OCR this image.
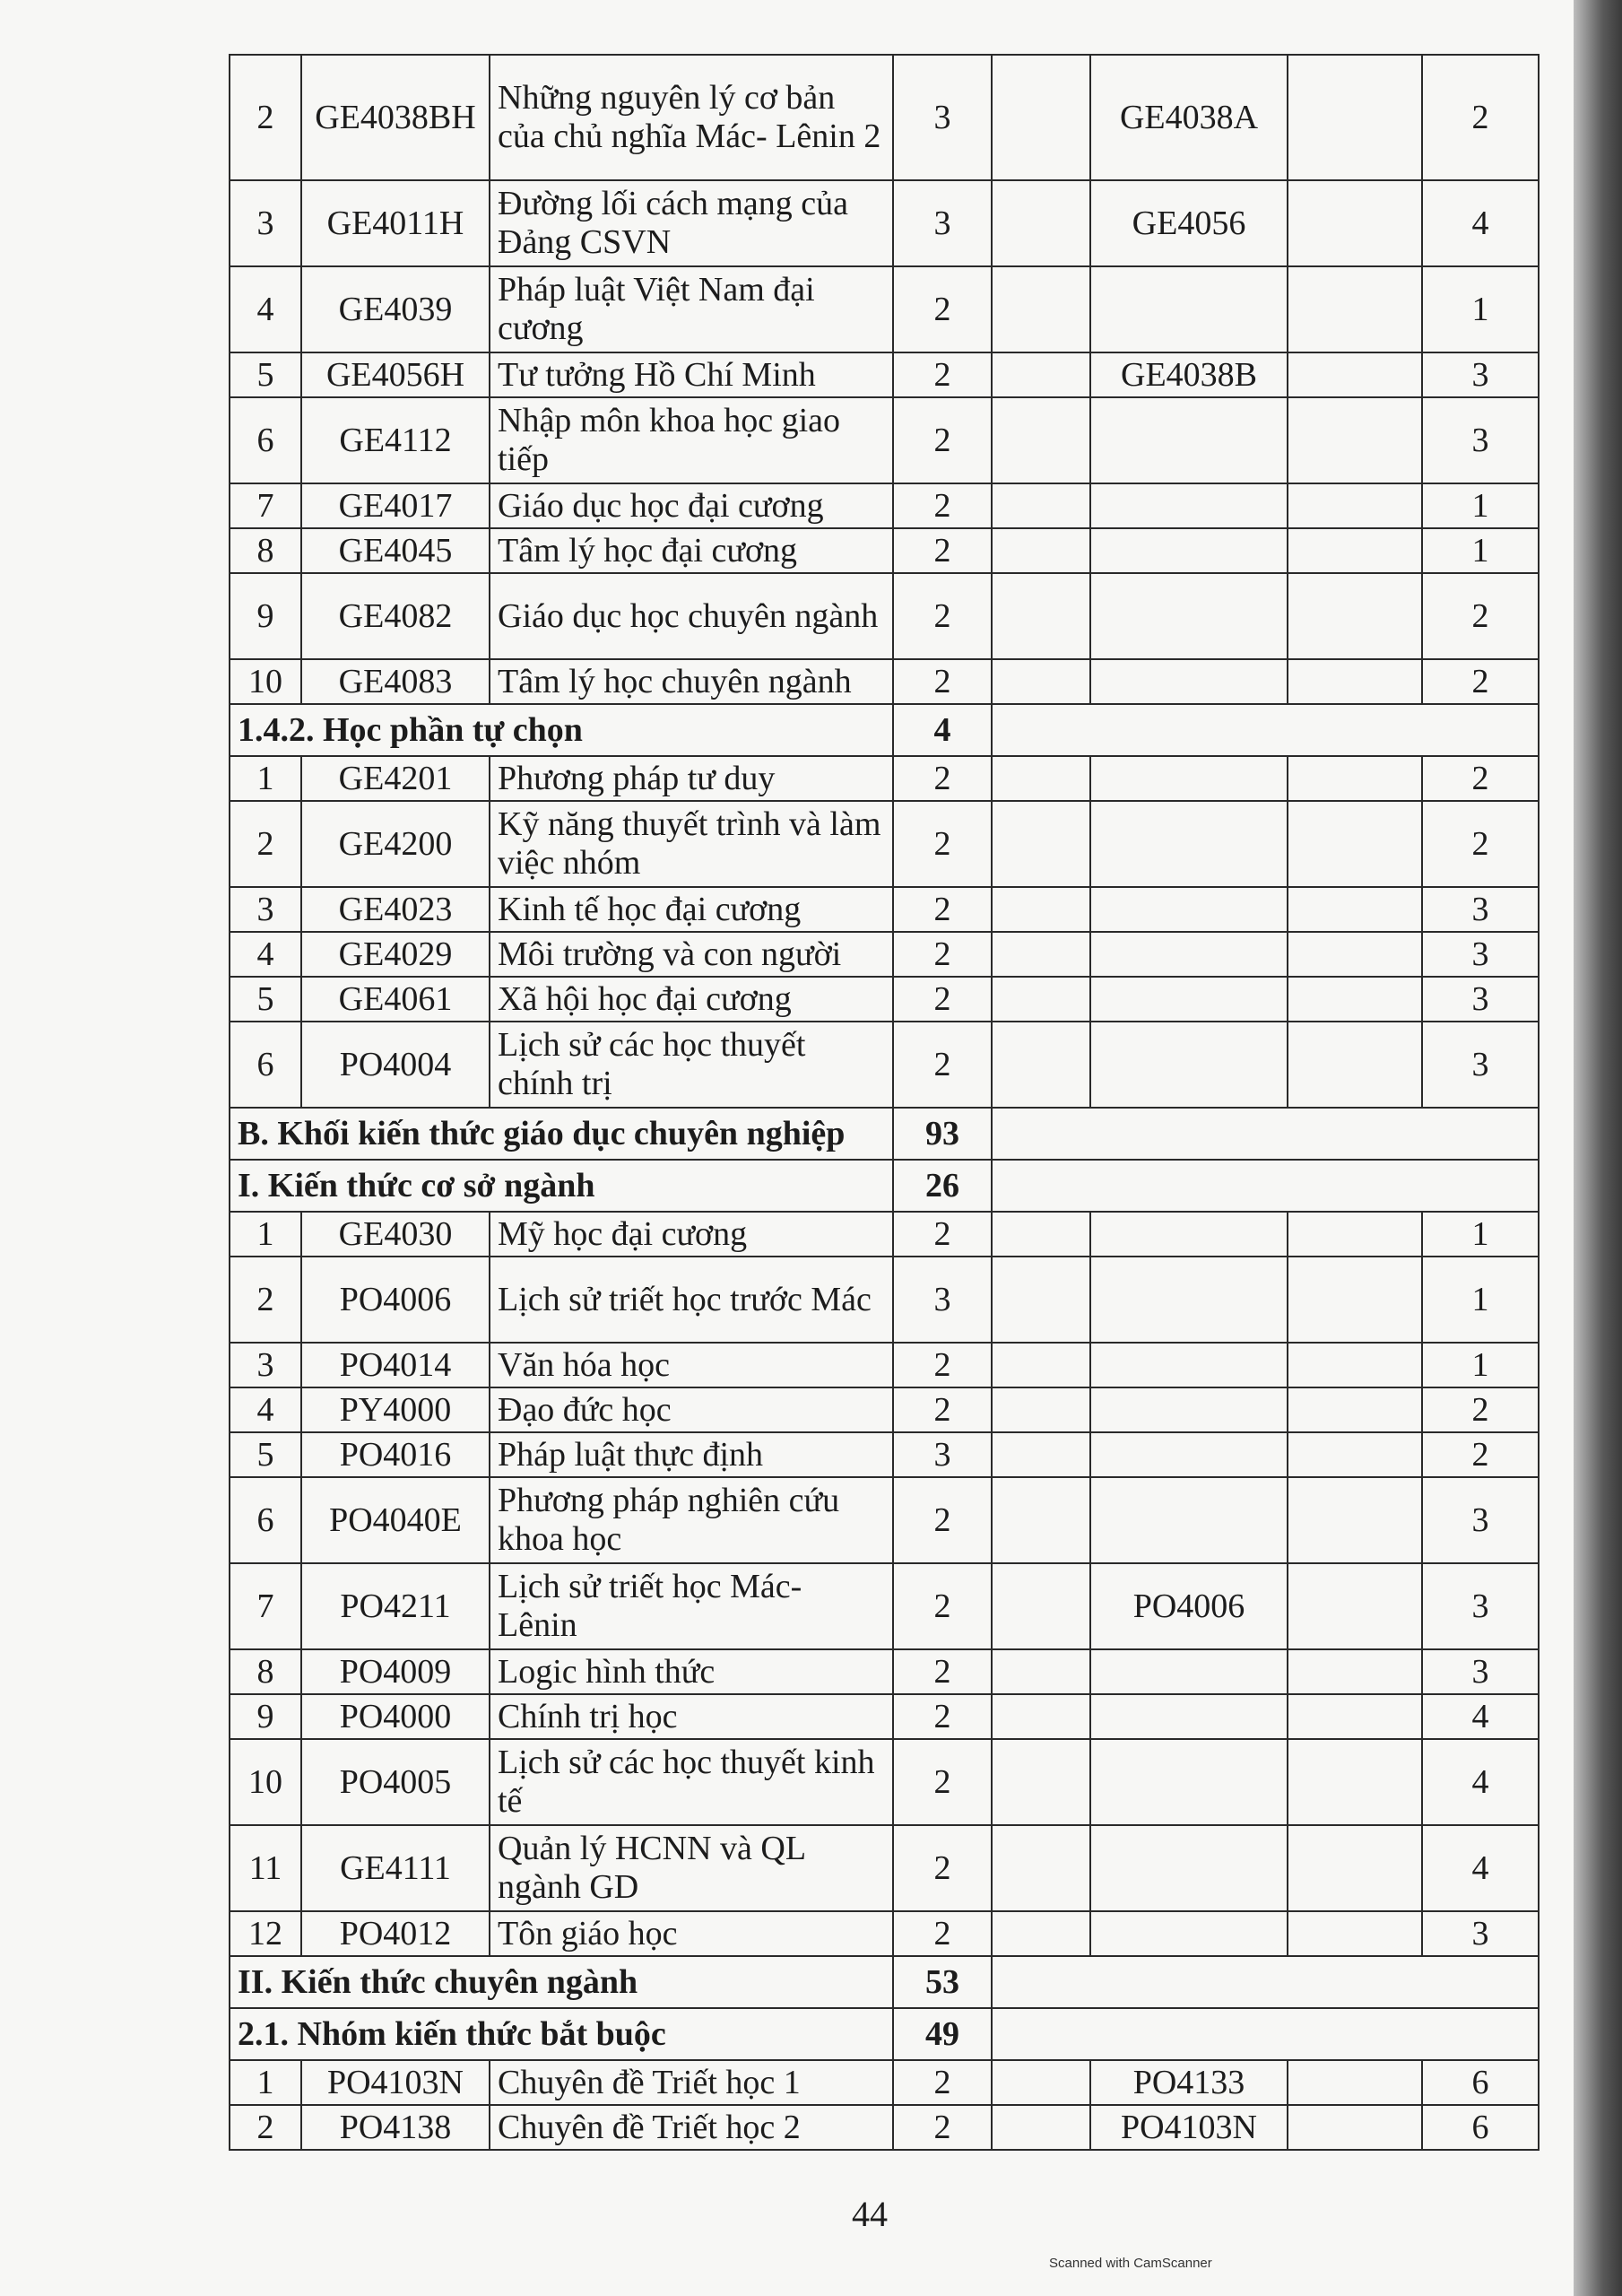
2	GE4038BH	Những nguyên lý cơ bản của chủ nghĩa Mác- Lênin 2	3		GE4038A		2
3	GE4011H	Đường lối cách mạng của Đảng CSVN	3		GE4056		4
4	GE4039	Pháp luật Việt Nam đại cương	2				1
5	GE4056H	Tư tưởng Hồ Chí Minh	2		GE4038B		3
6	GE4112	Nhập môn khoa học giao tiếp	2				3
7	GE4017	Giáo dục học đại cương	2				1
8	GE4045	Tâm lý học đại cương	2				1
9	GE4082	Giáo dục học chuyên ngành	2				2
10	GE4083	Tâm lý học chuyên ngành	2				2
1.4.2. Học phần tự chọn			4				
1	GE4201	Phương pháp tư duy	2				2
2	GE4200	Kỹ năng thuyết trình và làm việc nhóm	2				2
3	GE4023	Kinh tế học đại cương	2				3
4	GE4029	Môi trường và con người	2				3
5	GE4061	Xã hội học đại cương	2				3
6	PO4004	Lịch sử các học thuyết chính trị	2				3
B. Khối kiến thức giáo dục chuyên nghiệp			93				
I. Kiến thức cơ sở ngành			26				
1	GE4030	Mỹ học đại cương	2				1
2	PO4006	Lịch sử triết học trước Mác	3				1
3	PO4014	Văn hóa học	2				1
4	PY4000	Đạo đức học	2				2
5	PO4016	Pháp luật thực định	3				2
6	PO4040E	Phương pháp nghiên cứu khoa học	2				3
7	PO4211	Lịch sử triết học Mác- Lênin	2		PO4006		3
8	PO4009	Logic hình thức	2				3
9	PO4000	Chính trị học	2				4
10	PO4005	Lịch sử các học thuyết kinh tế	2				4
11	GE4111	Quản lý HCNN và QL ngành GD	2				4
12	PO4012	Tôn giáo học	2				3
II. Kiến thức chuyên ngành			53				
2.1. Nhóm kiến thức bắt buộc			49				
1	PO4103N	Chuyên đề Triết học 1	2		PO4133		6
2	PO4138	Chuyên đề Triết học 2	2		PO4103N		6
44
Scanned with CamScanner
